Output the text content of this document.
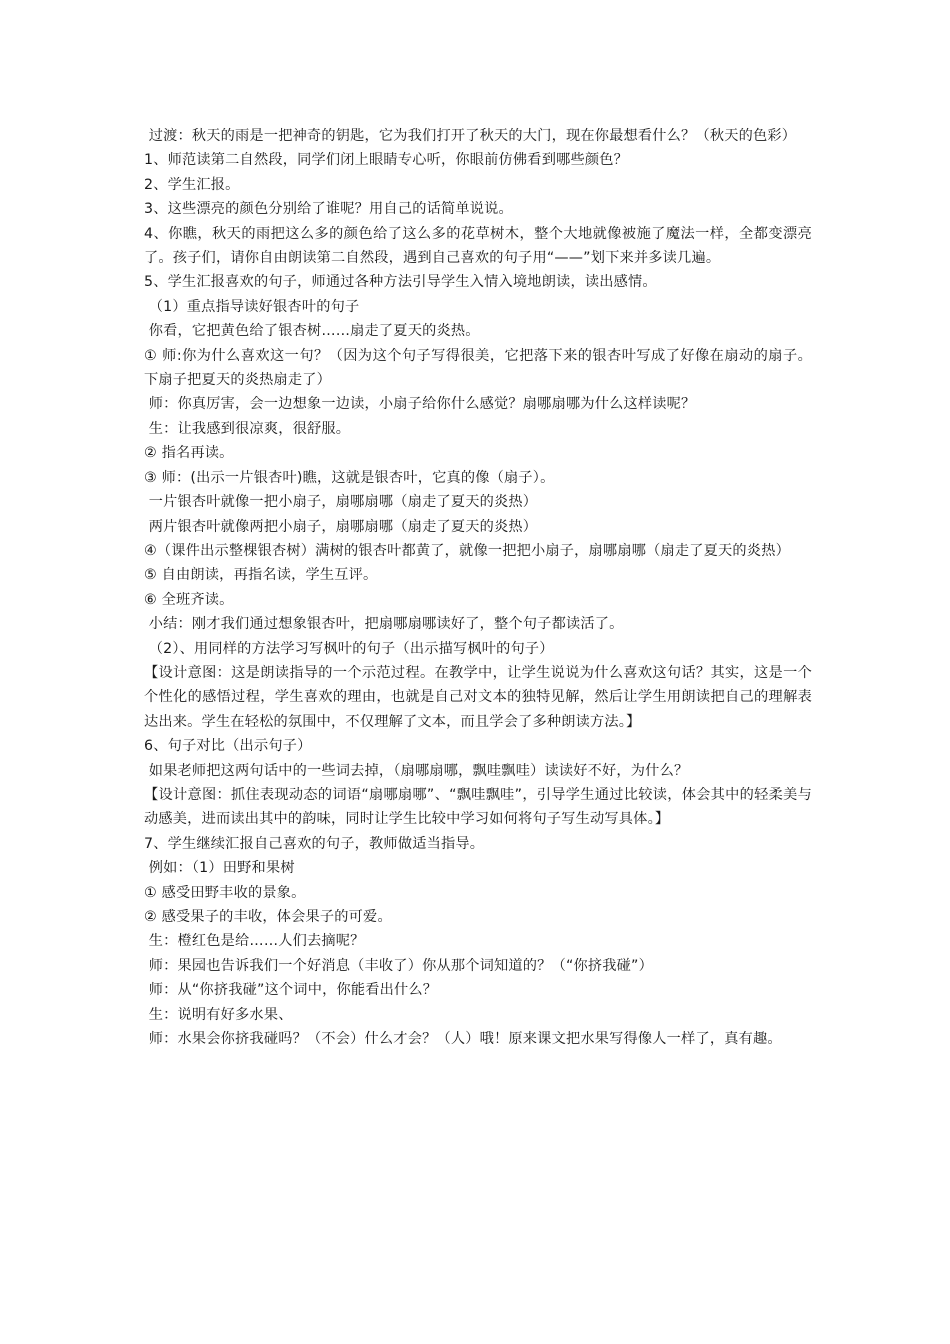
过渡：秋天的雨是一把神奇的钥匙，它为我们打开了秋天的大门，现在你最想看什么？（秋天的色彩）

1、师范读第二自然段，同学们闭上眼睛专心听，你眼前仿佛看到哪些颜色？

2、学生汇报。

3、这些漂亮的颜色分别给了谁呢？用自己的话简单说说。

4、你瞧，秋天的雨把这么多的颜色给了这么多的花草树木，整个大地就像被施了魔法一样，全都变漂亮了。孩子们，请你自由朗读第二自然段，遇到自己喜欢的句子用“——”划下来并多读几遍。

5、学生汇报喜欢的句子，师通过各种方法引导学生入情入境地朗读，读出感情。

（1）重点指导读好银杏叶的句子

你看，它把黄色给了银杏树……扇走了夏天的炎热。

① 师:你为什么喜欢这一句？（因为这个句子写得很美，它把落下来的银杏叶写成了好像在扇动的扇子。下扇子把夏天的炎热扇走了）

师：你真厉害，会一边想象一边读，小扇子给你什么感觉？扇哪扇哪为什么这样读呢？

生：让我感到很凉爽，很舒服。

② 指名再读。

③ 师：(出示一片银杏叶)瞧，这就是银杏叶，它真的像（扇子）。

一片银杏叶就像一把小扇子，扇哪扇哪（扇走了夏天的炎热）

两片银杏叶就像两把小扇子，扇哪扇哪（扇走了夏天的炎热）

④（课件出示整棵银杏树）满树的银杏叶都黄了，就像一把把小扇子，扇哪扇哪（扇走了夏天的炎热）

⑤ 自由朗读，再指名读，学生互评。

⑥ 全班齐读。

小结：刚才我们通过想象银杏叶，把扇哪扇哪读好了，整个句子都读活了。

（2）、用同样的方法学习写枫叶的句子（出示描写枫叶的句子）

【设计意图：这是朗读指导的一个示范过程。在教学中，让学生说说为什么喜欢这句话？其实，这是一个个性化的感悟过程，学生喜欢的理由，也就是自己对文本的独特见解，然后让学生用朗读把自己的理解表达出来。学生在轻松的氛围中，不仅理解了文本，而且学会了多种朗读方法。】

6、句子对比（出示句子）

如果老师把这两句话中的一些词去掉，（扇哪扇哪，飘哇飘哇）读读好不好，为什么？

【设计意图：抓住表现动态的词语“扇哪扇哪”、“飘哇飘哇”，引导学生通过比较读，体会其中的轻柔美与动感美，进而读出其中的韵味，同时让学生比较中学习如何将句子写生动写具体。】

7、学生继续汇报自己喜欢的句子，教师做适当指导。

例如：（1）田野和果树

① 感受田野丰收的景象。

② 感受果子的丰收，体会果子的可爱。

生：橙红色是给……人们去摘呢？

师：果园也告诉我们一个好消息（丰收了）你从那个词知道的？（“你挤我碰”）

师：从“你挤我碰”这个词中，你能看出什么？

生：说明有好多水果、

师：水果会你挤我碰吗？（不会）什么才会？（人）哦！原来课文把水果写得像人一样了，真有趣。
